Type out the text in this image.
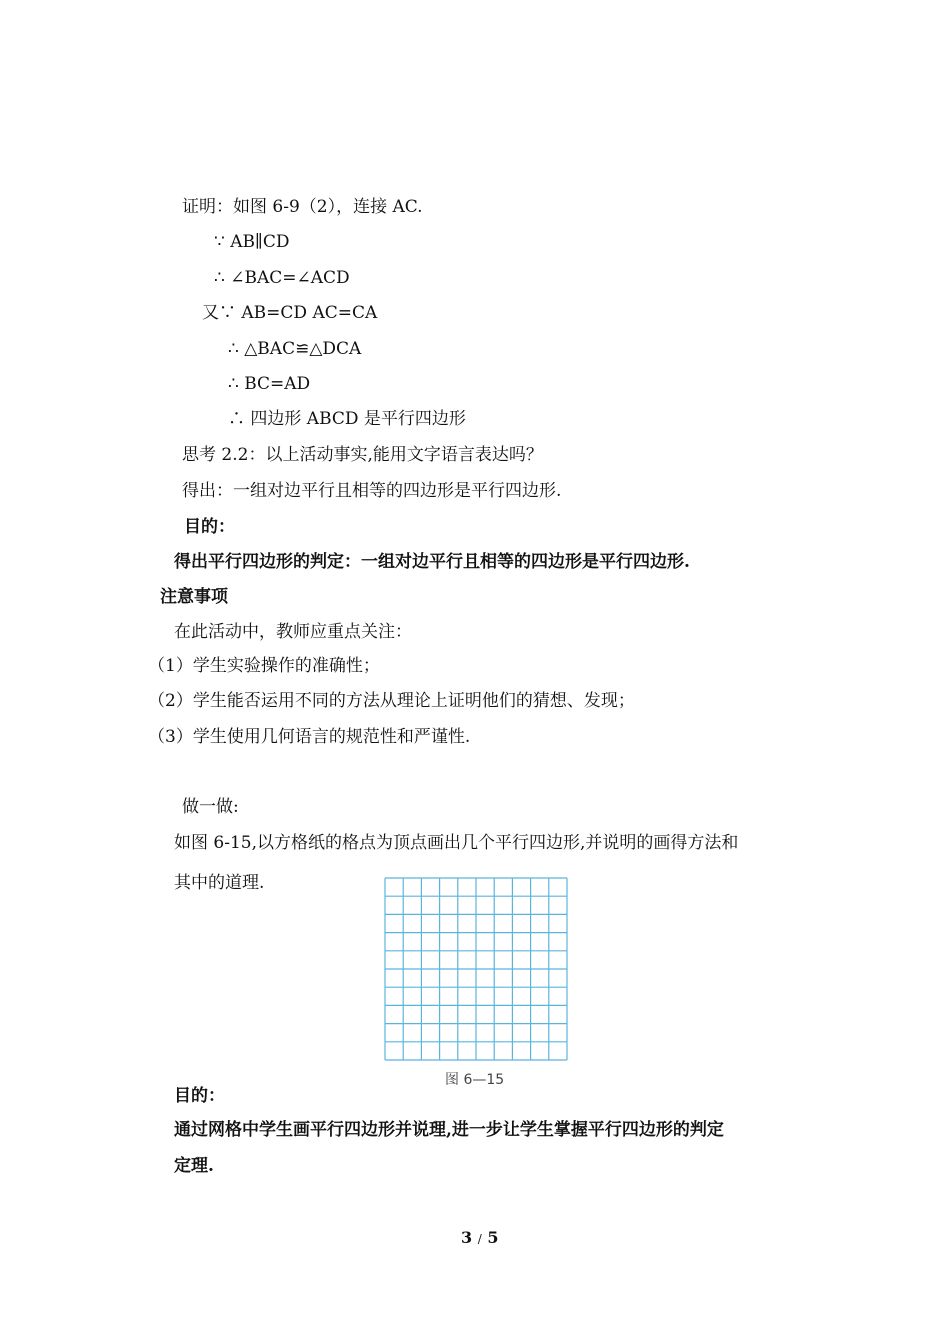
证明：如图 6-9（2），连接 AC.
∵ AB∥CD
∴ ∠BAC=∠ACD
又∵ AB=CD AC=CA
∴ △BAC≌△DCA
∴ BC=AD
∴ 四边形 ABCD 是平行四边形
思考 2.2：以上活动事实,能用文字语言表达吗？
得出：一组对边平行且相等的四边形是平行四边形.
目的：
得出平行四边形的判定：一组对边平行且相等的四边形是平行四边形.
注意事项
在此活动中，教师应重点关注：
（1）学生实验操作的准确性；
（2）学生能否运用不同的方法从理论上证明他们的猜想、发现；
（3）学生使用几何语言的规范性和严谨性.
做一做:
如图 6-15,以方格纸的格点为顶点画出几个平行四边形,并说明的画得方法和
其中的道理.
图 6—15
目的：
通过网格中学生画平行四边形并说理,进一步让学生掌握平行四边形的判定
定理.
3 / 5
